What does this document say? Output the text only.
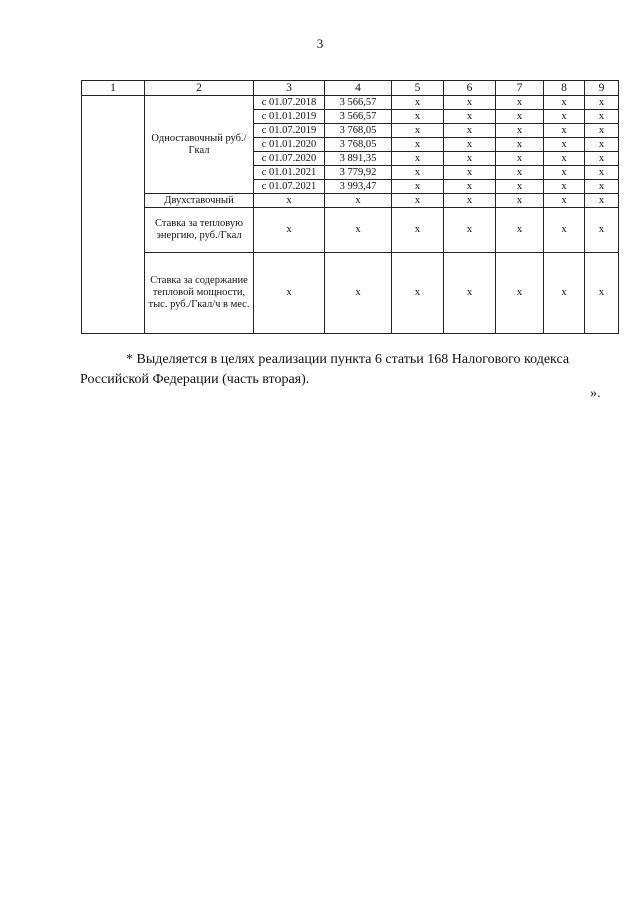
3
1	2	3	4	5	6	7	8	9
	Одноставочный руб./Гкал	с 01.07.2018	3 566,57	x	x	x	x	x
		с 01.01.2019	3 566,57	x	x	x	x	x
		с 01.07.2019	3 768,05	x	x	x	x	x
		с 01.01.2020	3 768,05	x	x	x	x	x
		с 01.07.2020	3 891,35	x	x	x	x	x
		с 01.01.2021	3 779,92	x	x	x	x	x
		с 01.07.2021	3 993,47	x	x	x	x	x
	Двухставочный	x	x	x	x	x	x	x
	Ставка за тепловую энергию, руб./Гкал	x	x	x	x	x	x	x
	Ставка за содержание тепловой мощности, тыс. руб./Гкал/ч в мес.	x	x	x	x	x	x	x

* Выделяется в целях реализации пункта 6 статьи 168 Налогового кодекса Российской Федерации (часть вторая).

».
